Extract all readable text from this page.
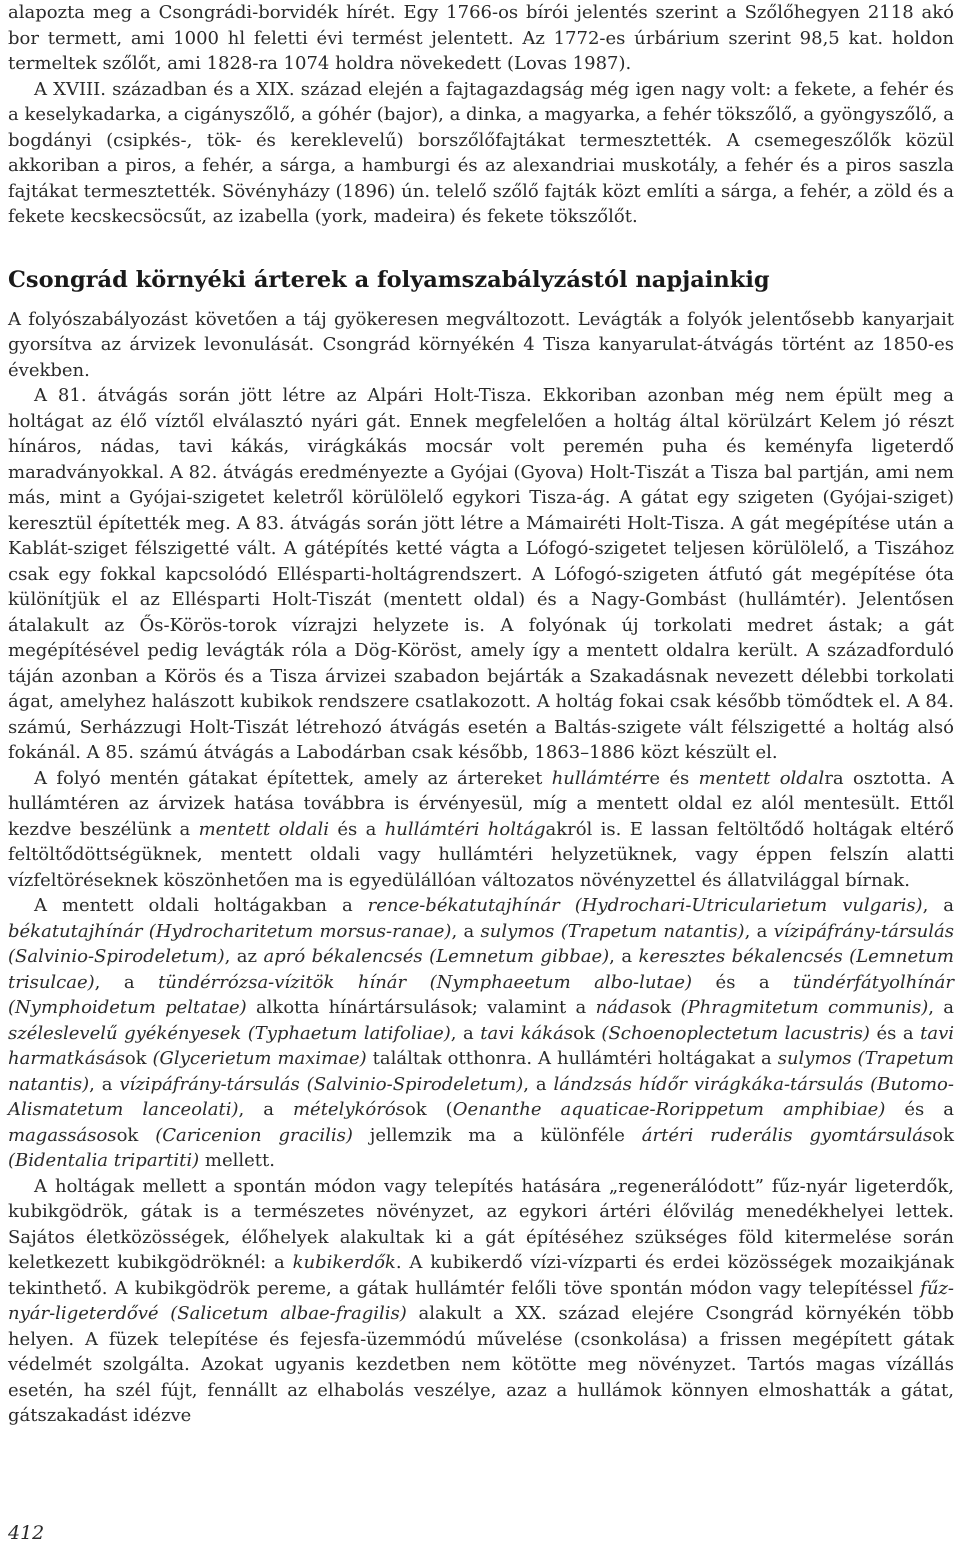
alapozta meg a Csongrádi-borvidék hírét. Egy 1766-os bírói jelentés szerint a Szőlőhegyen 2118 akó bor termett, ami 1000 hl feletti évi termést jelentett. Az 1772-es úrbárium szerint 98,5 kat. holdon termeltek szőlőt, ami 1828-ra 1074 holdra növekedett (Lovas 1987).

A XVIII. században és a XIX. század elején a fajtagazdagság még igen nagy volt: a fekete, a fehér és a keselykadarka, a cigányszőlő, a góhér (bajor), a dinka, a magyarka, a fehér tökszőlő, a gyöngyszőlő, a bogdányi (csipkés-, tök- és kereklevelű) borszőlőfajtákat termesztették. A csemegeszőlők közül akkoriban a piros, a fehér, a sárga, a hamburgi és az alexandriai muskotály, a fehér és a piros saszla fajtákat termesztették. Sövényházy (1896) ún. telelő szőlő fajták közt említi a sárga, a fehér, a zöld és a fekete kecskecsöcsűt, az izabella (york, madeira) és fekete tökszőlőt.

Csongrád környéki árterek a folyamszabályzástól napjainkig

A folyószabályozást követően a táj gyökeresen megváltozott. Levágták a folyók jelentősebb kanyarjait gyorsítva az árvizek levonulását. Csongrád környékén 4 Tisza kanyarulat-átvágás történt az 1850-es években.

A 81. átvágás során jött létre az Alpári Holt-Tisza. Ekkoriban azonban még nem épült meg a holtágat az élő víztől elválasztó nyári gát. Ennek megfelelően a holtág által körülzárt Kelem jó részt hínáros, nádas, tavi kákás, virágkákás mocsár volt peremén puha és keményfa ligeterdő maradványokkal. A 82. átvágás eredményezte a Gyójai (Gyova) Holt-Tiszát a Tisza bal partján, ami nem más, mint a Gyójai-szigetet keletről körülölelő egykori Tisza-ág. A gátat egy szigeten (Gyójai-sziget) keresztül építették meg. A 83. átvágás során jött létre a Mámairéti Holt-Tisza. A gát megépítése után a Kablát-sziget félszigetté vált. A gátépítés ketté vágta a Lófogó-szigetet teljesen körülölelő, a Tiszához csak egy fokkal kapcsolódó Ellésparti-holtágrendszert. A Lófogó-szigeten átfutó gát megépítése óta különítjük el az Ellésparti Holt-Tiszát (mentett oldal) és a Nagy-Gombást (hullámtér). Jelentősen átalakult az Ős-Körös-torok vízrajzi helyzete is. A folyónak új torkolati medret ástak; a gát megépítésével pedig levágták róla a Dög-Köröst, amely így a mentett oldalra került. A századforduló táján azonban a Körös és a Tisza árvizei szabadon bejárták a Szakadásnak nevezett délebbi torkolati ágat, amelyhez halászott kubikok rendszere csatlakozott. A holtág fokai csak később tömődtek el. A 84. számú, Serházzugi Holt-Tiszát létrehozó átvágás esetén a Baltás-szigete vált félszigetté a holtág alsó fokánál. A 85. számú átvágás a Labodárban csak később, 1863–1886 közt készült el.

A folyó mentén gátakat építettek, amely az ártereket hullámtérre és mentett oldalra osztotta. A hullámtéren az árvizek hatása továbbra is érvényesül, míg a mentett oldal ez alól mentesült. Ettől kezdve beszélünk a mentett oldali és a hullámtéri holtágakról is. E lassan feltöltődő holtágak eltérő feltöltődöttségüknek, mentett oldali vagy hullámtéri helyzetüknek, vagy éppen felszín alatti vízfeltöréseknek köszönhetően ma is egyedülállóan változatos növényzettel és állatvilággal bírnak.

A mentett oldali holtágakban a rence-békatutajhínár (Hydrochari-Utricularietum vulgaris), a békatutajhínár (Hydrocharitetum morsus-ranae), a sulymos (Trapetum natantis), a vízipáfrány-társulás (Salvinio-Spirodeletum), az apró békalencsés (Lemnetum gibbae), a keresztes békalencsés (Lemnetum trisulcae), a tündérrózsa-vízitök hínár (Nymphaeetum albo-lutae) és a tündérfátyolhínár (Nymphoidetum peltatae) alkotta hínártársulások; valamint a nádasok (Phragmitetum communis), a széleslevelű gyékényesek (Typhaetum latifoliae), a tavi kákások (Schoenoplectetum lacustris) és a tavi harmatkásások (Glycerietum maximae) találtak otthonra. A hullámtéri holtágakat a sulymos (Trapetum natantis), a vízipáfrány-társulás (Salvinio-Spirodeletum), a lándzsás hídőr virágkáka-társulás (Butomo-Alismatetum lanceolati), a mételykórósok (Oenanthe aquaticae-Rorippetum amphibiae) és a magassásosok (Caricenion gracilis) jellemzik ma a különféle ártéri ruderális gyomtársulások (Bidentalia tripartiti) mellett.

A holtágak mellett a spontán módon vagy telepítés hatására „regenerálódott” fűz-nyár ligeterdők, kubikgödrök, gátak is a természetes növényzet, az egykori ártéri élővilág menedékhelyei lettek. Sajátos életközösségek, élőhelyek alakultak ki a gát építéséhez szükséges föld kitermelése során keletkezett kubikgödröknél: a kubikerdők. A kubikerdő vízi-vízparti és erdei közösségek mozaikjának tekinthető. A kubikgödrök pereme, a gátak hullámtér felőli töve spontán módon vagy telepítéssel fűz-nyár-ligeterdővé (Salicetum albae-fragilis) alakult a XX. század elejére Csongrád környékén több helyen. A füzek telepítése és fejesfa-üzemmódú művelése (csonkolása) a frissen megépített gátak védelmét szolgálta. Azokat ugyanis kezdetben nem kötötte meg növényzet. Tartós magas vízállás esetén, ha szél fújt, fennállt az elhabolás veszélye, azaz a hullámok könnyen elmoshatták a gátat, gátszakadást idézve

412
